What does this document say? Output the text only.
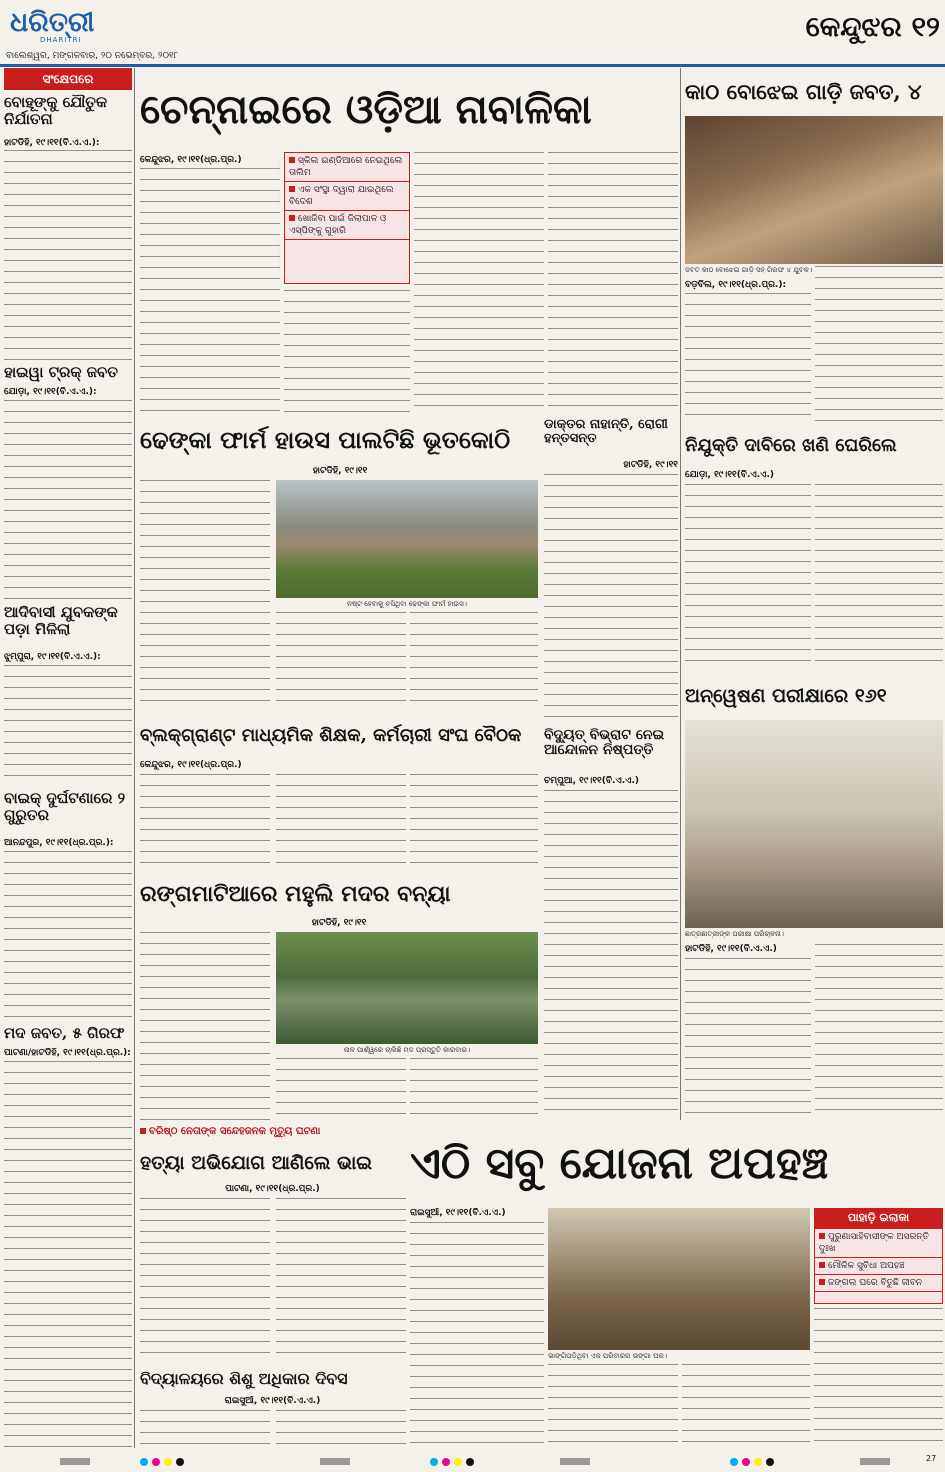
ଧରିତ୍ରୀ
DHARITRI
ବାଲେଶ୍ୱର, ମଙ୍ଗଳବାର, ୨୦ ନଭେମ୍ବର, ୨୦୧୮
କେନ୍ଦୁଝର ୧୨
ସଂକ୍ଷେପରେ
ବୋହୂଙ୍କୁ ଯୌତୁକ ନିର୍ଯାତନା
ହାଟଡିହି, ୧୯।୧୧(ବି.ଏ.ଏ.):
ହାଇୱା ଟ୍ରକ୍ ଜବତ
ଯୋଡ଼ା, ୧୯।୧୧(ବି.ଏ.ଏ.):
ଆଦିବାସୀ ଯୁବକଙ୍କ ପଡ଼ା ମିଳିଲା
ଝୁମ୍ପୁରା, ୧୯।୧୧(ବି.ଏ.ଏ.):
ବାଇକ୍ ଦୁର୍ଘଟଣାରେ ୨ ଗୁରୁତର
ଆନନ୍ଦପୁର, ୧୯।୧୧(ଧ୍ର.ପ୍ର.):
ମଦ ଜବତ, ୫ ଗିରଫ
ପାଟଣା/ହାଟଡିହି, ୧୯।୧୧(ଧ୍ର.ପ୍ର.):
ଚେନ୍ନାଇରେ ଓଡ଼ିଆ ନାବାଳିକା
କେନ୍ଦୁଝର, ୧୯।୧୧(ଧ୍ର.ପ୍ର.)	ସ୍କିଲ ଇଣ୍ଡିଆରେ ନେଇଥିଲେ ତାଲିମ
ଏକ ସଂସ୍ଥା ଦ୍ୱାରା ଯାଇଥିଲେ ବିଦେଶ
ଖୋଜିବା ପାଇଁ ଜିଲାପାଳ ଓ ଏସ୍‌ପିଙ୍କୁ ଗୁହାରି
କାଠ ବୋଝେଇ ଗାଡ଼ି ଜବତ, ୪
ଜବତ କାଠ ବୋଝେଇ ଗାଡ଼ି ସହ ଗିରଫ ୪ ଯୁବକ।
ବଡ଼ବିଲ, ୧୯।୧୧(ଧ୍ର.ପ୍ର.):
ଢେଙ୍କା ଫାର୍ମ ହାଉସ ପାଲଟିଛି ଭୂତକୋଠି
ହାଟଡିହି, ୧୯।୧୧
ନଷ୍ଟ ହେବାକୁ ବସିଥିବା ଢେଙ୍କା ଫାର୍ମ ହାଉସ।
ଡାକ୍ତର ନାହାନ୍ତି, ରୋଗୀ ହନ୍ତସନ୍ତ
ହାଟଡିହି, ୧୯।୧୧
ନିଯୁକ୍ତି ଦାବିରେ ଖଣି ଘେରିଲେ
ଯୋଡ଼ା, ୧୯।୧୧(ବି.ଏ.ଏ.)
ବ୍ଲକ୍‌ଗ୍ରାଣ୍ଟ ମାଧ୍ୟମିକ ଶିକ୍ଷକ, କର୍ମଚାରୀ ସଂଘ ବୈଠକ
କେନ୍ଦୁଝର, ୧୯।୧୧(ଧ୍ର.ପ୍ର.)
ବିଦ୍ୟୁତ୍ ବିଭ୍ରାଟ ନେଇ ଆନ୍ଦୋଳନ ନିଷ୍ପତ୍ତି
ଚମ୍ପୁଆ, ୧୯।୧୧(ବି.ଏ.ଏ.)
ଅନ୍ୱେଷଣ ପରୀକ୍ଷାରେ ୧୬୧
ଛାତ୍ରଛାତ୍ରୀଙ୍କ ପରୀକ୍ଷା ପରିଚାଳନା।
ହାଟଡିହି, ୧୯।୧୧(ବି.ଏ.ଏ.)
ରଙ୍ଗମାଟିଆରେ ମହୁଲି ମଦର ବନ୍ୟା
ହାଟଡିହି, ୧୯।୧୧
ନାଳ ପାର୍ଶ୍ୱରେ ଚାଲିଛି ମଦ ପ୍ରସ୍ତୁତି କାରବାର।
ବରିଷ୍ଠ ନେତାଙ୍କ ସନ୍ଦେହଜନକ ମୃତ୍ୟୁ ଘଟଣା
ହତ୍ୟା ଅଭିଯୋଗ ଆଣିଲେ ଭାଇ
ପାଟଣା, ୧୯।୧୧(ଧ୍ର.ପ୍ର.)
ବିଦ୍ୟାଳୟରେ ଶିଶୁ ଅଧିକାର ଦିବସ
ରାଇସୁଆଁ, ୧୯।୧୧(ବି.ଏ.ଏ.)
ଏଠି ସବୁ ଯୋଜନା ଅପହଞ୍ଚ
ରାଇସୁଆଁ, ୧୯।୧୧(ବି.ଏ.ଏ.)
ଭାଙ୍ଗିପଡ଼ିଥିବା ଏକ ପରିବାରର ଭଙ୍ଗା ଘର।
ପାହାଡ଼ି ଇଲାକା
ପୁରୁଣାସାହିବାସୀଙ୍କ ଅସରନ୍ତି ଦୁଃଖ
ମୌଳିକ ସୁବିଧା ଅପହଞ୍ଚ
ଜଙ୍ଗଲ ଘରେ ବିତୁଛି ଜୀବନ
27
